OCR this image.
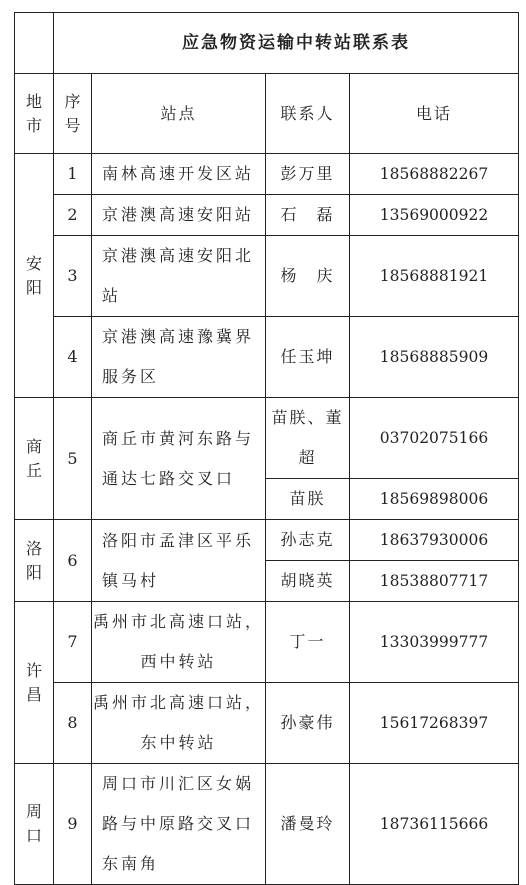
	应急物资运输中转站联系表			

地市	序号	站点	联系人	电话

安阳	1	南林高速开发区站	彭万里	18568882267
	2	京港澳高速安阳站	石　磊	13569000922
	3	京港澳高速安阳北站	杨　庆	18568881921
	4	京港澳高速豫冀界服务区	任玉坤	18568885909

商丘	5	商丘市黄河东路与通达七路交叉口	苗朕、董超	03702075166
			苗朕	18569898006

洛阳	6	洛阳市孟津区平乐镇马村	孙志克	18637930006
			胡晓英	18538807717

许昌	7	禹州市北高速口站，西中转站	丁一	13303999777
	8	禹州市北高速口站，东中转站	孙豪伟	15617268397

周口	9	周口市川汇区女娲路与中原路交叉口东南角	潘曼玲	18736115666
